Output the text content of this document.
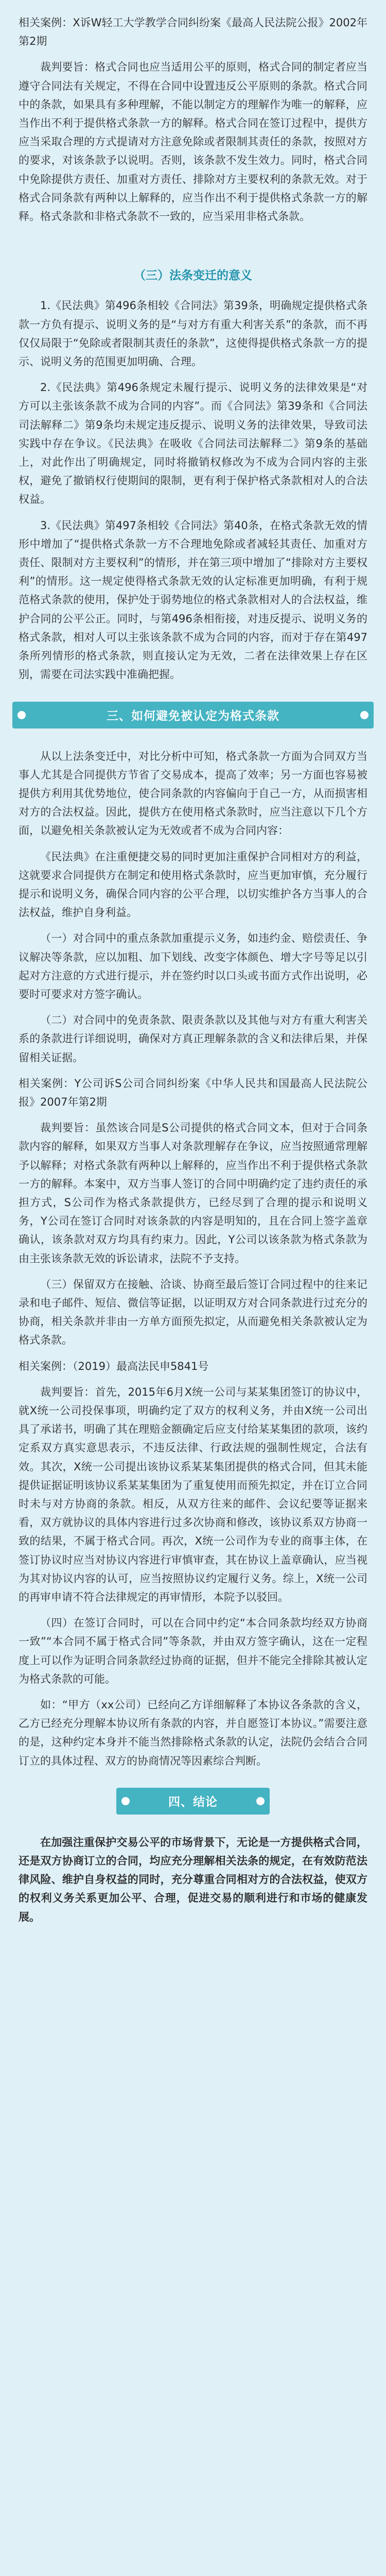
相关案例：X诉W轻工大学教学合同纠纷案《最高人民法院公报》2002年第2期

裁判要旨：格式合同也应当适用公平的原则，格式合同的制定者应当遵守合同法有关规定，不得在合同中设置违反公平原则的条款。格式合同中的条款，如果具有多种理解，不能以制定方的理解作为唯一的解释，应当作出不利于提供格式条款一方的解释。格式合同在签订过程中，提供方应当采取合理的方式提请对方注意免除或者限制其责任的条款，按照对方的要求，对该条款予以说明。否则，该条款不发生效力。同时，格式合同中免除提供方责任、加重对方责任、排除对方主要权利的条款无效。对于格式合同条款有两种以上解释的，应当作出不利于提供格式条款一方的解释。格式条款和非格式条款不一致的，应当采用非格式条款。

（三）法条变迁的意义

1.《民法典》第496条相较《合同法》第39条，明确规定提供格式条款一方负有提示、说明义务的是“与对方有重大利害关系”的条款，而不再仅仅局限于“免除或者限制其责任的条款”，这使得提供格式条款一方的提示、说明义务的范围更加明确、合理。

2.《民法典》第496条规定未履行提示、说明义务的法律效果是“对方可以主张该条款不成为合同的内容”。而《合同法》第39条和《合同法司法解释二》第9条均未规定违反提示、说明义务的法律效果，导致司法实践中存在争议。《民法典》在吸收《合同法司法解释二》第9条的基础上，对此作出了明确规定，同时将撤销权修改为不成为合同内容的主张权，避免了撤销权行使期间的限制，更有利于保护格式条款相对人的合法权益。

3.《民法典》第497条相较《合同法》第40条，在格式条款无效的情形中增加了“提供格式条款一方不合理地免除或者减轻其责任、加重对方责任、限制对方主要权利”的情形，并在第三项中增加了“排除对方主要权利”的情形。这一规定使得格式条款无效的认定标准更加明确，有利于规范格式条款的使用，保护处于弱势地位的格式条款相对人的合法权益，维护合同的公平公正。同时，与第496条相衔接，对违反提示、说明义务的格式条款，相对人可以主张该条款不成为合同的内容，而对于存在第497条所列情形的格式条款，则直接认定为无效，二者在法律效果上存在区别，需要在司法实践中准确把握。

三、如何避免被认定为格式条款

从以上法条变迁中，对比分析中可知，格式条款一方面为合同双方当事人尤其是合同提供方节省了交易成本，提高了效率；另一方面也容易被提供方利用其优势地位，使合同条款的内容偏向于自己一方，从而损害相对方的合法权益。因此，提供方在使用格式条款时，应当注意以下几个方面，以避免相关条款被认定为无效或者不成为合同内容：

《民法典》在注重便捷交易的同时更加注重保护合同相对方的利益，这就要求合同提供方在制定和使用格式条款时，应当更加审慎，充分履行提示和说明义务，确保合同内容的公平合理，以切实维护各方当事人的合法权益，维护自身利益。

（一）对合同中的重点条款加重提示义务，如违约金、赔偿责任、争议解决等条款，应以加粗、加下划线、改变字体颜色、增大字号等足以引起对方注意的方式进行提示，并在签约时以口头或书面方式作出说明，必要时可要求对方签字确认。

（二）对合同中的免责条款、限责条款以及其他与对方有重大利害关系的条款进行详细说明，确保对方真正理解条款的含义和法律后果，并保留相关证据。

相关案例：Y公司诉S公司合同纠纷案《中华人民共和国最高人民法院公报》2007年第2期

裁判要旨：虽然该合同是S公司提供的格式合同文本，但对于合同条款内容的解释，如果双方当事人对条款理解存在争议，应当按照通常理解予以解释；对格式条款有两种以上解释的，应当作出不利于提供格式条款一方的解释。本案中，双方当事人签订的合同中明确约定了违约责任的承担方式，S公司作为格式条款提供方，已经尽到了合理的提示和说明义务，Y公司在签订合同时对该条款的内容是明知的，且在合同上签字盖章确认，该条款对双方均具有约束力。因此，Y公司以该条款为格式条款为由主张该条款无效的诉讼请求，法院不予支持。

（三）保留双方在接触、洽谈、协商至最后签订合同过程中的往来记录和电子邮件、短信、微信等证据，以证明双方对合同条款进行过充分的协商，相关条款并非由一方单方面预先拟定，从而避免相关条款被认定为格式条款。

相关案例：（2019）最高法民申5841号

裁判要旨：首先，2015年6月X统一公司与某某集团签订的协议中，就X统一公司投保事项，明确约定了双方的权利义务，并由X统一公司出具了承诺书，明确了其在理赔金额确定后应支付给某某集团的款项，该约定系双方真实意思表示，不违反法律、行政法规的强制性规定，合法有效。其次，X统一公司提出该协议系某某集团提供的格式合同，但其未能提供证据证明该协议系某某集团为了重复使用而预先拟定，并在订立合同时未与对方协商的条款。相反，从双方往来的邮件、会议纪要等证据来看，双方就协议的具体内容进行过多次协商和修改，该协议系双方协商一致的结果，不属于格式合同。再次，X统一公司作为专业的商事主体，在签订协议时应当对协议内容进行审慎审查，其在协议上盖章确认，应当视为其对协议内容的认可，应当按照协议约定履行义务。综上，X统一公司的再审申请不符合法律规定的再审情形，本院予以驳回。

（四）在签订合同时，可以在合同中约定“本合同条款均经双方协商一致”“本合同不属于格式合同”等条款，并由双方签字确认，这在一定程度上可以作为证明合同条款经过协商的证据，但并不能完全排除其被认定为格式条款的可能。

如：“甲方（xx公司）已经向乙方详细解释了本协议各条款的含义，乙方已经充分理解本协议所有条款的内容，并自愿签订本协议。”需要注意的是，这种约定本身并不能当然排除格式条款的认定，法院仍会结合合同订立的具体过程、双方的协商情况等因素综合判断。

四、结论

在加强注重保护交易公平的市场背景下，无论是一方提供格式合同，还是双方协商订立的合同，均应充分理解相关法条的规定，在有效防范法律风险、维护自身权益的同时，充分尊重合同相对方的合法权益，使双方的权利义务关系更加公平、合理，促进交易的顺利进行和市场的健康发展。
